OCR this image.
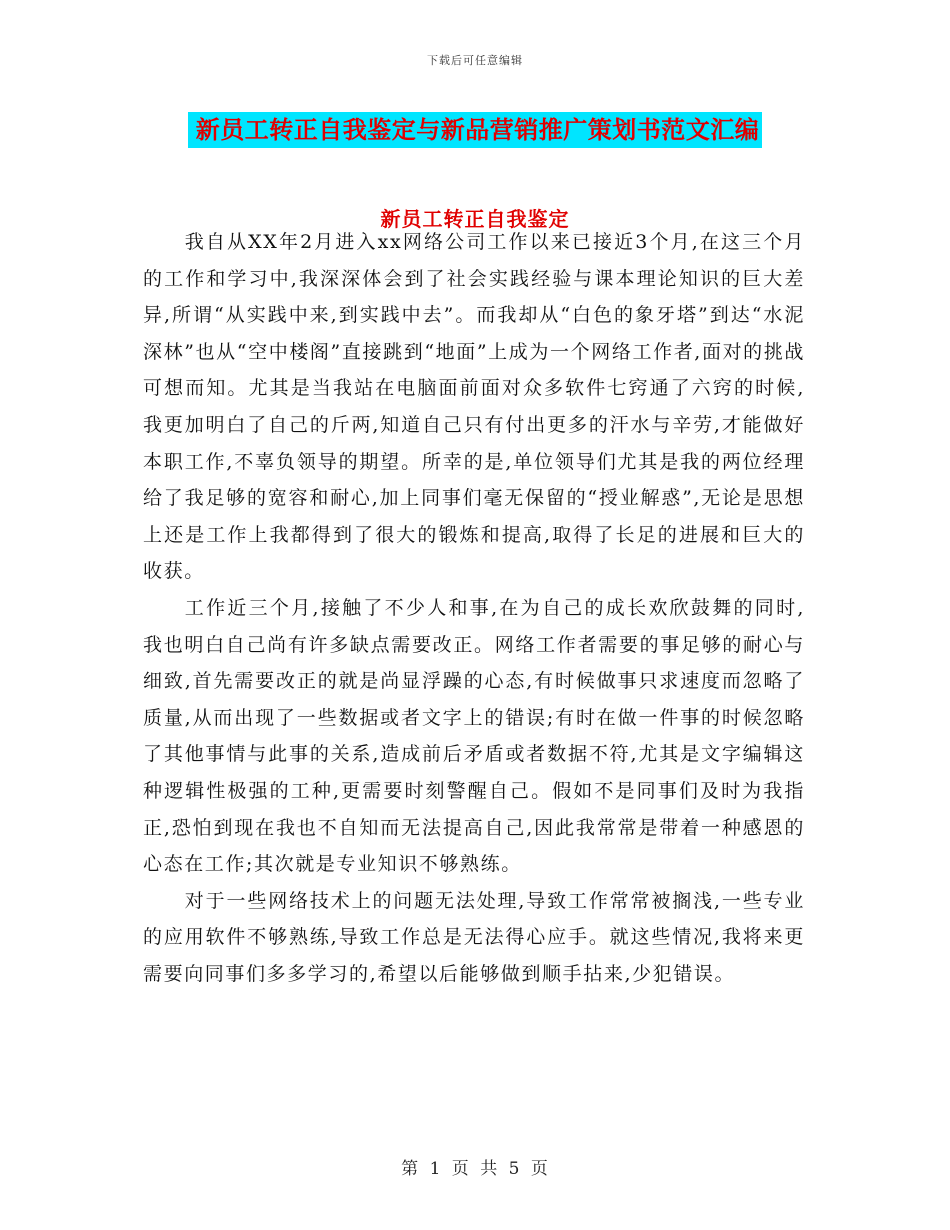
下载后可任意编辑
新员工转正自我鉴定与新品营销推广策划书范文汇编
新员工转正自我鉴定

我自从XX年2月进入xx网络公司工作以来已接近3个月,在这三个月的工作和学习中,我深深体会到了社会实践经验与课本理论知识的巨大差异,所谓“从实践中来,到实践中去”。而我却从“白色的象牙塔”到达“水泥深林”也从“空中楼阁”直接跳到“地面”上成为一个网络工作者,面对的挑战可想而知。尤其是当我站在电脑面前面对众多软件七窍通了六窍的时候,我更加明白了自己的斤两,知道自己只有付出更多的汗水与辛劳,才能做好本职工作,不辜负领导的期望。所幸的是,单位领导们尤其是我的两位经理给了我足够的宽容和耐心,加上同事们毫无保留的“授业解惑”,无论是思想上还是工作上我都得到了很大的锻炼和提高,取得了长足的进展和巨大的收获。

工作近三个月,接触了不少人和事,在为自己的成长欢欣鼓舞的同时,我也明白自己尚有许多缺点需要改正。网络工作者需要的事足够的耐心与细致,首先需要改正的就是尚显浮躁的心态,有时候做事只求速度而忽略了质量,从而出现了一些数据或者文字上的错误;有时在做一件事的时候忽略了其他事情与此事的关系,造成前后矛盾或者数据不符,尤其是文字编辑这种逻辑性极强的工种,更需要时刻警醒自己。假如不是同事们及时为我指正,恐怕到现在我也不自知而无法提高自己,因此我常常是带着一种感恩的心态在工作;其次就是专业知识不够熟练。

对于一些网络技术上的问题无法处理,导致工作常常被搁浅,一些专业的应用软件不够熟练,导致工作总是无法得心应手。就这些情况,我将来更需要向同事们多多学习的,希望以后能够做到顺手拈来,少犯错误。

第 1 页 共 5 页
